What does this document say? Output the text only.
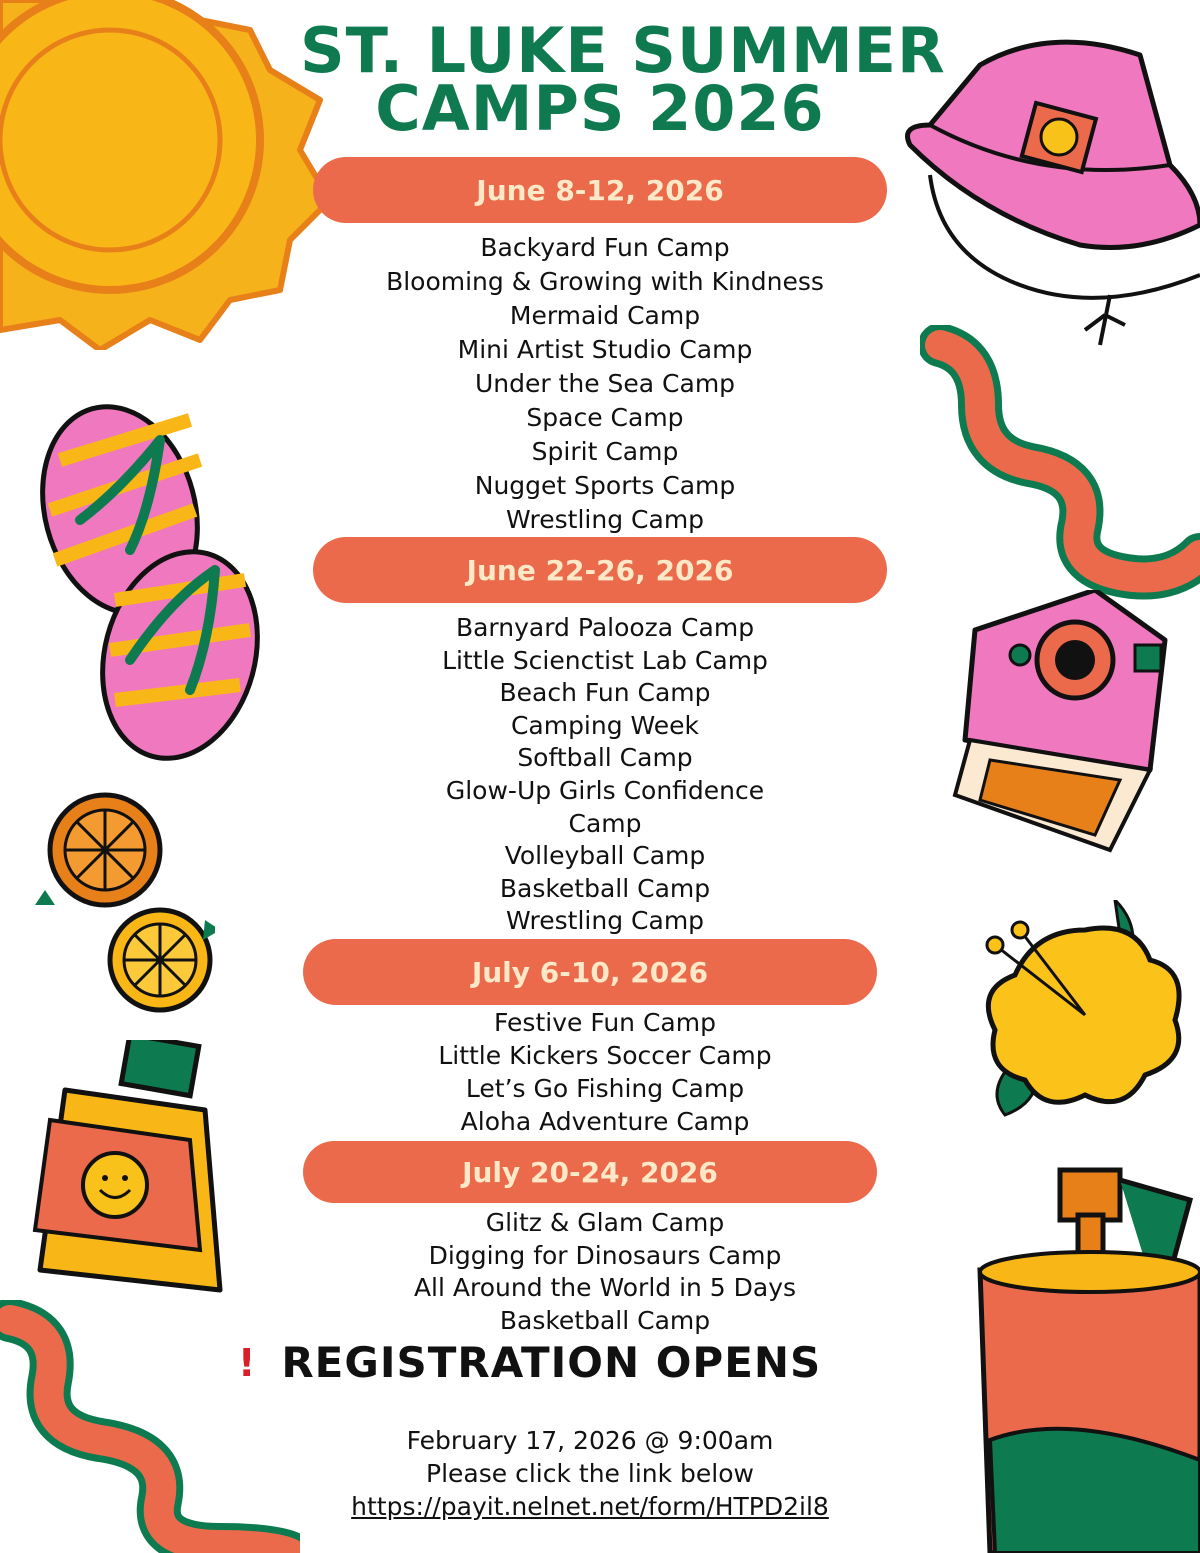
ST. LUKE SUMMER
CAMPS 2026
June 8-12, 2026
Backyard Fun Camp
Blooming & Growing with Kindness
Mermaid Camp
Mini Artist Studio Camp
Under the Sea Camp
Space Camp
Spirit Camp
Nugget Sports Camp
Wrestling Camp
June 22-26, 2026
Barnyard Palooza Camp
Little Scienctist Lab Camp
Beach Fun Camp
Camping Week
Softball Camp
Glow-Up Girls Confidence
Camp
Volleyball Camp
Basketball Camp
Wrestling Camp
July 6-10, 2026
Festive Fun Camp
Little Kickers Soccer Camp
Let’s Go Fishing Camp
Aloha Adventure Camp
July 20-24, 2026
Glitz & Glam Camp
Digging for Dinosaurs Camp
All Around the World in 5 Days
Basketball Camp
! REGISTRATION OPENS
February 17, 2026 @ 9:00am
Please click the link below
https://payit.nelnet.net/form/HTPD2il8
